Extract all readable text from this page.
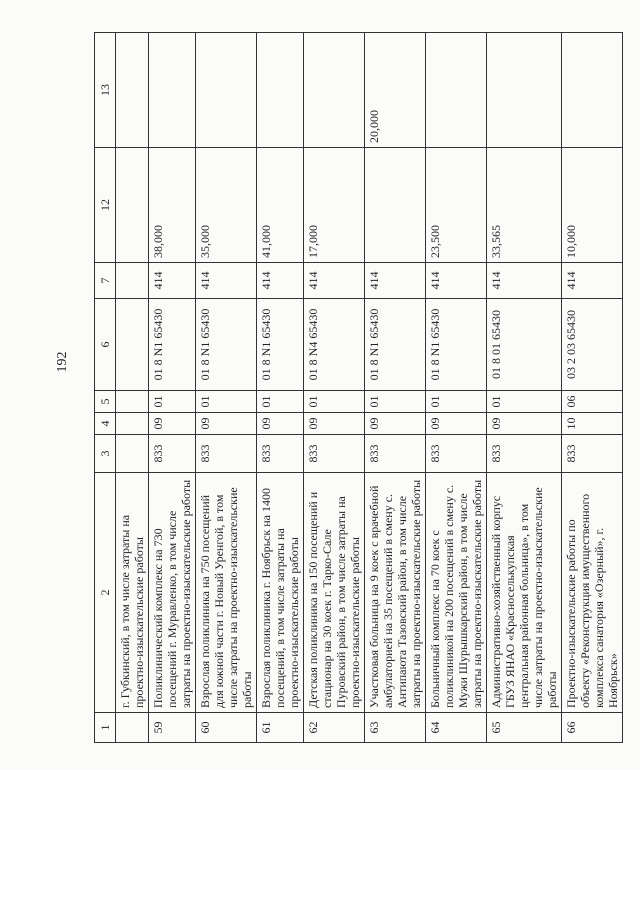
192
1	2	3	4	5	6	7	12	13
	г. Губкинский, в том числе затраты на проектно-изыскательские работы							
59	Поликлинический комплекс на 730 посещений г. Муравленко, в том числе затраты на проектно-изыскательские работы	833	09	01	01 8 N1 65430	414	38,000	
60	Взрослая поликлиника на 750 посещений для южной части г. Новый Уренгой, в том числе затраты на проектно-изыскательские работы	833	09	01	01 8 N1 65430	414	35,000	
61	Взрослая поликлиника г. Ноябрьск на 1400 посещений, в том числе затраты на проектно-изыскательские работы	833	09	01	01 8 N1 65430	414	41,000	
62	Детская поликлиника на 150 посещений и стационар на 30 коек г. Тарко-Сале Пуровский район, в том числе затраты на проектно-изыскательские работы	833	09	01	01 8 N4 65430	414	17,000	
63	Участковая больница на 9 коек с врачебной амбулаторией на 35 посещений в смену с. Антипаюта Тазовский район, в том числе затраты на проектно-изыскательские работы	833	09	01	01 8 N1 65430	414		20,000
64	Больничный комплекс на 70 коек с поликлиникой на 200 посещений в смену с. Мужи Шурышкарский район, в том числе затраты на проектно-изыскательские работы	833	09	01	01 8 N1 65430	414	23,500	
65	Административно-хозяйственный корпус ГБУЗ ЯНАО «Красноселькупская центральная районная больница», в том числе затраты на проектно-изыскательские работы	833	09	01	01 8 01 65430	414	33,565	
66	Проектно-изыскательские работы по объекту «Реконструкция имущественного комплекса санатория «Озерный», г. Ноябрьск»	833	10	06	03 2 03 65430	414	10,000	
